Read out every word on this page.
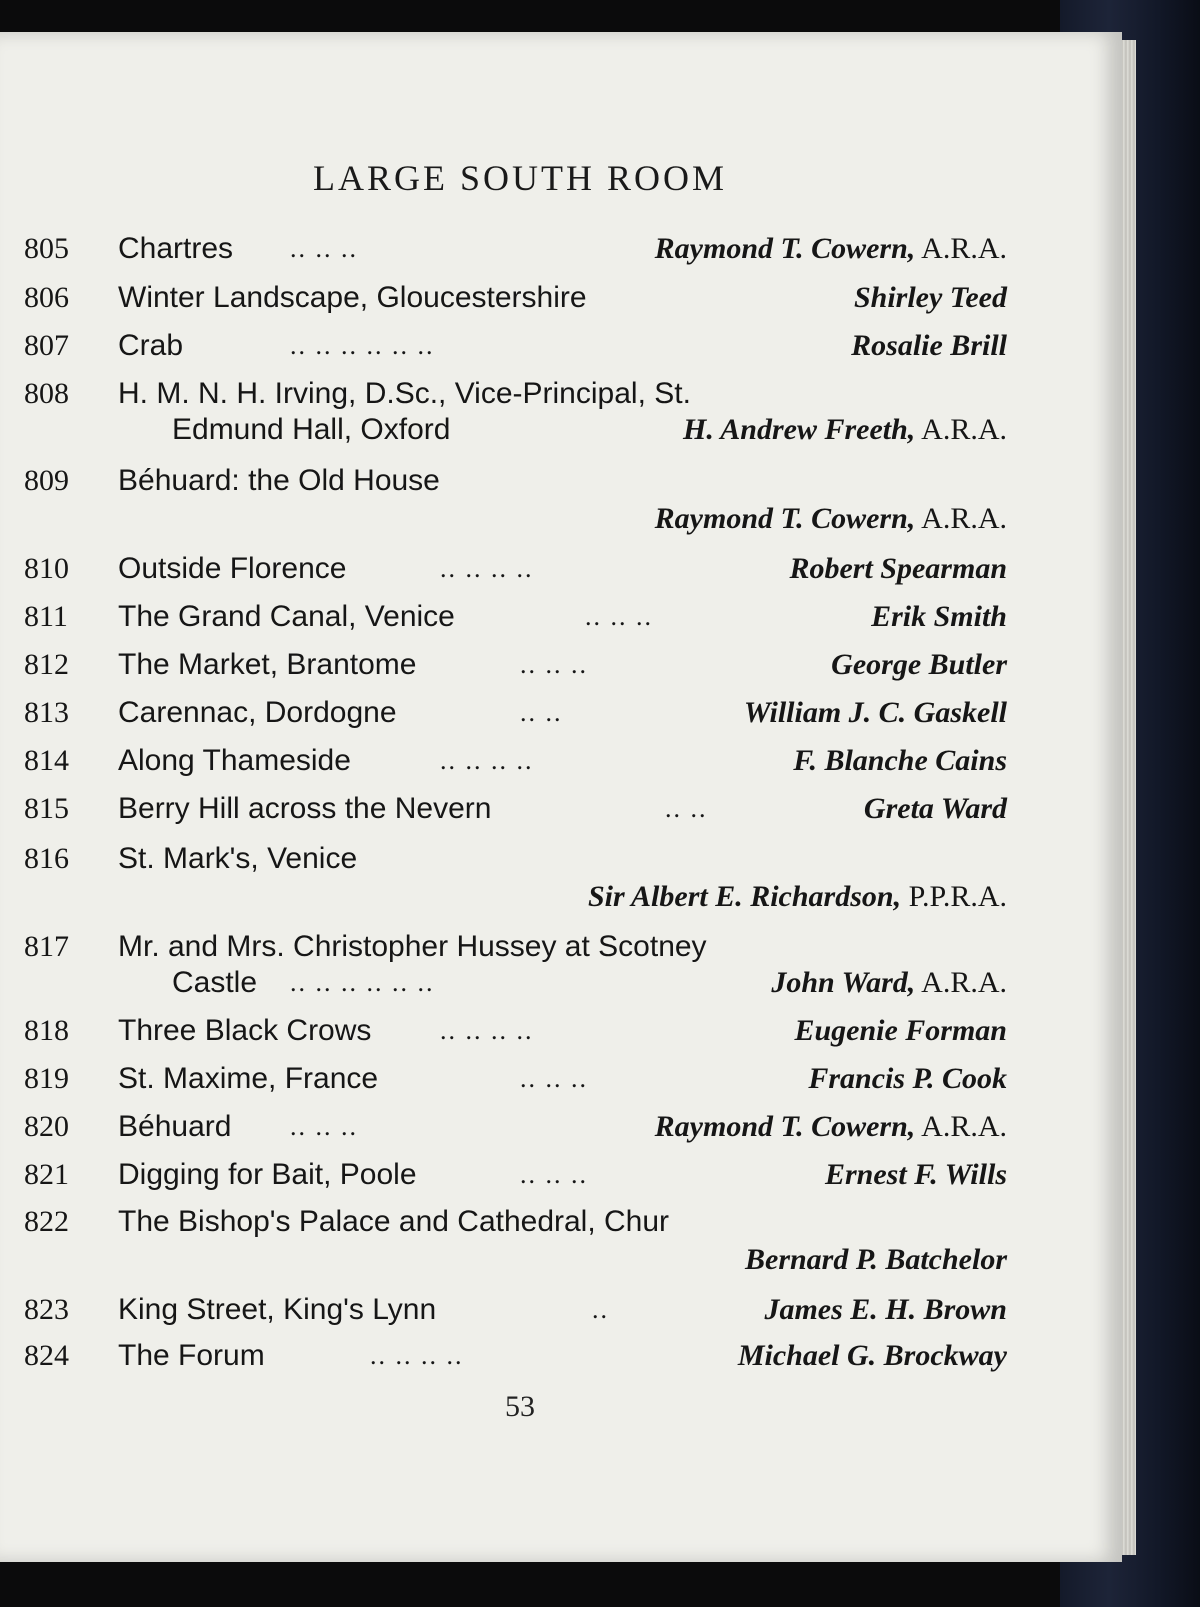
LARGE SOUTH ROOM
805	Chartres .. .. ..	Raymond T. Cowern, A.R.A.
806	Winter Landscape, Gloucestershire	Shirley Teed
807	Crab	.. .. .. .. .. ..	Rosalie Brill
808	H. M. N. H. Irving, D.Sc., Vice-Principal, St.
Edmund Hall, Oxford	H. Andrew Freeth, A.R.A.
809	Béhuard: the Old House
Raymond T. Cowern, A.R.A.
810	Outside Florence	.. .. .. ..	Robert Spearman
811	The Grand Canal, Venice	.. .. ..	Erik Smith
812	The Market, Brantome	.. .. ..	George Butler
813	Carennac, Dordogne	.. ..	William J. C. Gaskell
814	Along Thameside	.. .. .. ..	F. Blanche Cains
815	Berry Hill across the Nevern	.. ..	Greta Ward
816	St. Mark's, Venice
Sir Albert E. Richardson, P.P.R.A.
817	Mr. and Mrs. Christopher Hussey at Scotney
Castle .. .. .. .. .. ..	John Ward, A.R.A.
818	Three Black Crows	.. .. .. ..	Eugenie Forman
819	St. Maxime, France	.. .. ..	Francis P. Cook
820	Béhuard .. .. ..	Raymond T. Cowern, A.R.A.
821	Digging for Bait, Poole	.. .. ..	Ernest F. Wills
822	The Bishop's Palace and Cathedral, Chur
Bernard P. Batchelor
823	King Street, King's Lynn	..	James E. H. Brown
824	The Forum	.. .. .. ..	Michael G. Brockway
53
